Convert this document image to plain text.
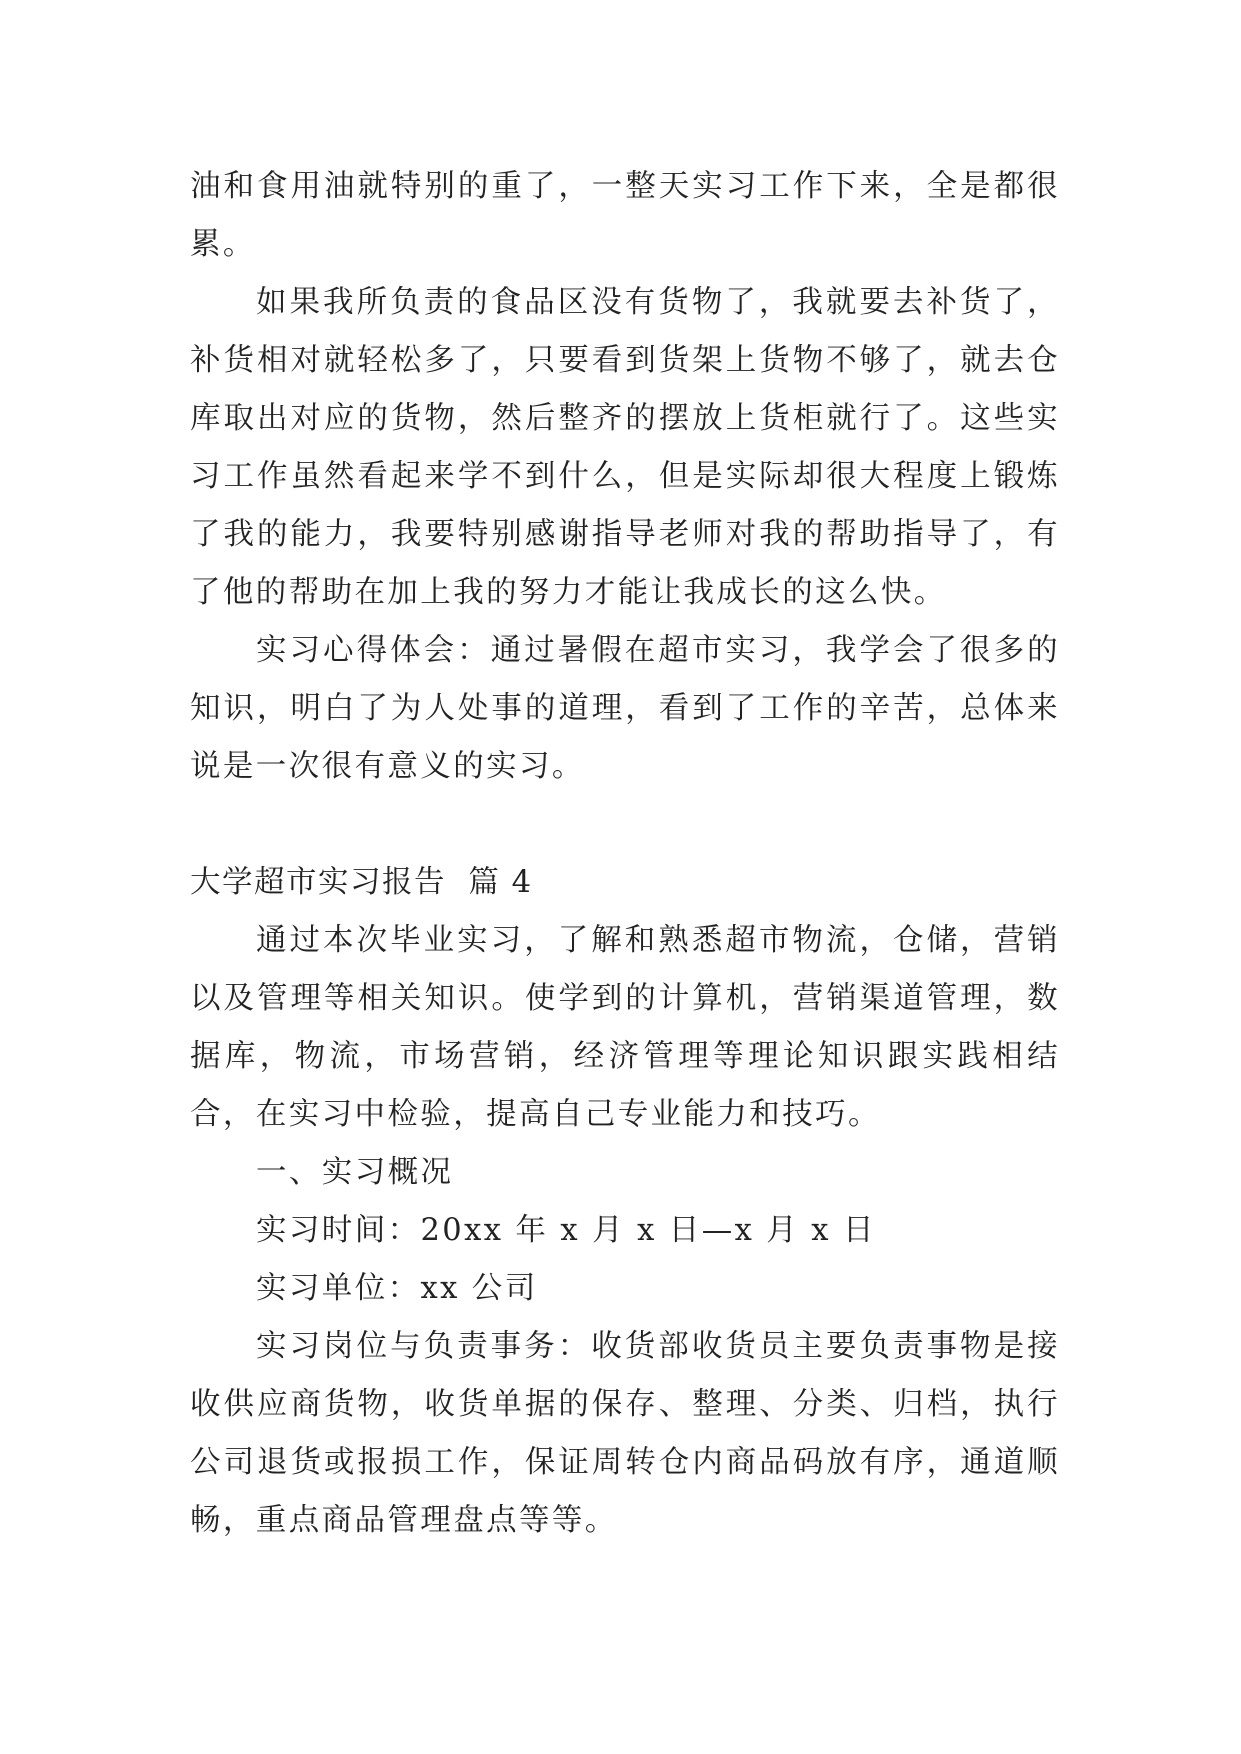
油和食用油就特别的重了，一整天实习工作下来，全是都很累。

如果我所负责的食品区没有货物了，我就要去补货了，补货相对就轻松多了，只要看到货架上货物不够了，就去仓库取出对应的货物，然后整齐的摆放上货柜就行了。这些实习工作虽然看起来学不到什么，但是实际却很大程度上锻炼了我的能力，我要特别感谢指导老师对我的帮助指导了，有了他的帮助在加上我的努力才能让我成长的这么快。

实习心得体会：通过暑假在超市实习，我学会了很多的知识，明白了为人处事的道理，看到了工作的辛苦，总体来说是一次很有意义的实习。

大学超市实习报告  篇 4

通过本次毕业实习，了解和熟悉超市物流，仓储，营销以及管理等相关知识。使学到的计算机，营销渠道管理，数据库，物流，市场营销，经济管理等理论知识跟实践相结合，在实习中检验，提高自己专业能力和技巧。

一、实习概况

实习时间：20xx 年 x 月 x 日—x 月 x 日

实习单位：xx 公司

实习岗位与负责事务：收货部收货员主要负责事物是接收供应商货物，收货单据的保存、整理、分类、归档，执行公司退货或报损工作，保证周转仓内商品码放有序，通道顺畅，重点商品管理盘点等等。
